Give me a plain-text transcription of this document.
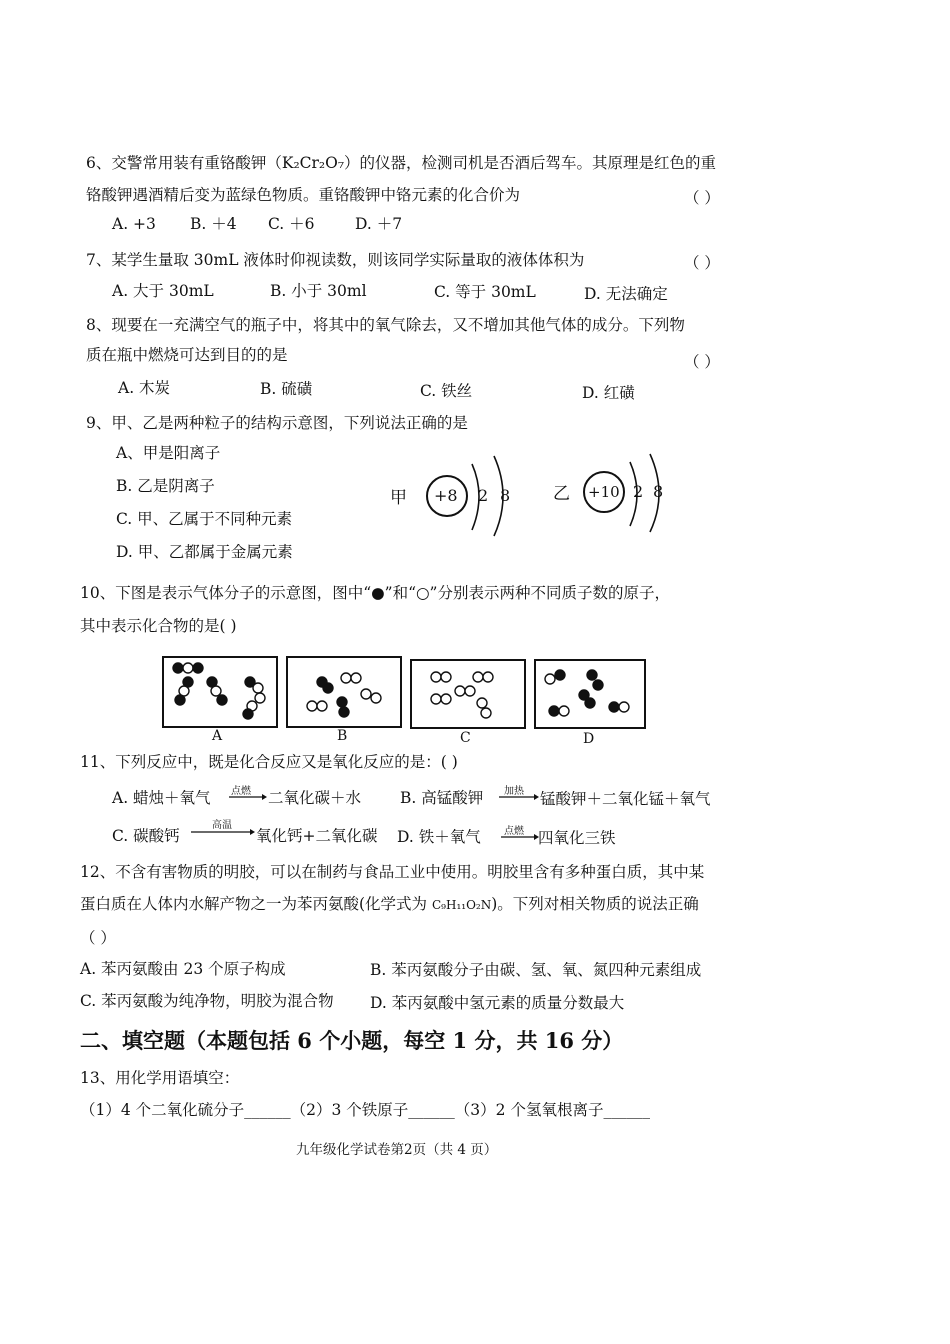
6、交警常用装有重铬酸钾（K₂Cr₂O₇）的仪器，检测司机是否酒后驾车。其原理是红色的重
铬酸钾遇酒精后变为蓝绿色物质。重铬酸钾中铬元素的化合价为	（ ）
A. +3 B. ＋4 C. ＋6	D. ＋7
7、某学生量取 30mL 液体时仰视读数，则该同学实际量取的液体体积为	（ ）
A. 大于 30mL	B. 小于 30ml	C. 等于 30mL	D. 无法确定
8、现要在一充满空气的瓶子中，将其中的氧气除去，又不增加其他气体的成分。下列物
质在瓶中燃烧可达到目的的是	（ ）
A. 木炭	B. 硫磺	C. 铁丝	D. 红磺
9、甲、乙是两种粒子的结构示意图，下列说法正确的是
A、甲是阳离子
B. 乙是阴离子
C. 甲、乙属于不同种元素
D. 甲、乙都属于金属元素
甲 +8 2 8	乙 +10 2 8
10、下图是表示气体分子的示意图，图中“●”和“○”分别表示两种不同质子数的原子，
其中表示化合物的是( )
A	B	C	D
11、下列反应中，既是化合反应又是氧化反应的是：( )
A. 蜡烛＋氧气 点燃 二氧化碳＋水	B. 高锰酸钾 加热 锰酸钾＋二氧化锰＋氧气
C. 碳酸钙
高温
氧化钙+二氧化碳 D. 铁＋氧气 点燃 四氧化三铁
12、不含有害物质的明胶，可以在制药与食品工业中使用。明胶里含有多种蛋白质，其中某
蛋白质在人体内水解产物之一为苯丙氨酸(化学式为 C₉H₁₁O₂N)。下列对相关物质的说法正确
（ ）
A. 苯丙氨酸由 23 个原子构成	B. 苯丙氨酸分子由碳、氢、氧、氮四种元素组成
C. 苯丙氨酸为纯净物，明胶为混合物 D. 苯丙氨酸中氢元素的质量分数最大
二、填空题（本题包括 6 个小题，每空 1 分，共 16 分）
13、用化学用语填空：
（1）4 个二氧化硫分子______（2）3 个铁原子______（3）2 个氢氧根离子______
九年级化学试卷第2页（共 4 页）
